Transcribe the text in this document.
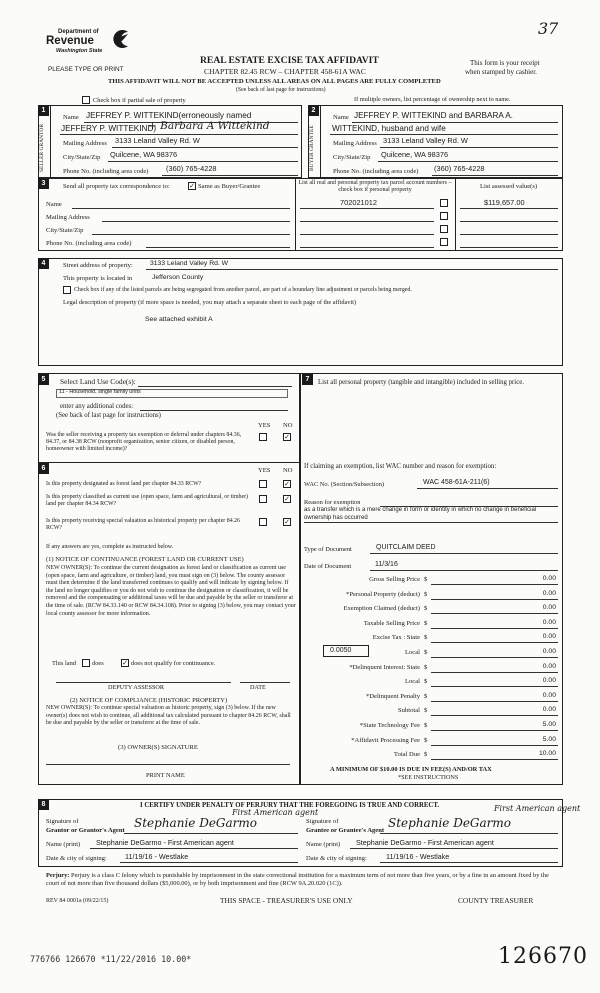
Department of
Revenue
Washington State
PLEASE TYPE OR PRINT
REAL ESTATE EXCISE TAX AFFIDAVIT
CHAPTER 82.45 RCW – CHAPTER 458-61A WAC
THIS AFFIDAVIT WILL NOT BE ACCEPTED UNLESS ALL AREAS ON ALL PAGES ARE FULLY COMPLETED
(See back of last page for instructions)
This form is your receipt
when stamped by cashier.
37
Check box if partial sale of property	If multiple owners, list percentage of ownership next to name.
1	2
SELLER GRANTOR	BUYER GRANTEE
Name JEFFREY P. WITTEKIND(erroneously named
JEFFERY P. WITTEKIND)
+ Barbara A Wittekind
Mailing Address 3133 Leland Valley Rd. W
City/State/Zip Quilcene, WA 98376
Phone No. (including area code) (360) 765-4228
Name JEFFREY P. WITTEKIND and BARBARA A.
WITTEKIND, husband and wife
Mailing Address 3133 Leland Valley Rd. W
City/State/Zip Quilcene, WA 98376
Phone No. (including area code) (360) 765-4228
3	Send all property tax correspondence to:	✓ Same as Buyer/Grantee	List all real and personal property tax parcel account numbers – check box if personal property	List assessed value(s)
Name
Mailing Address
City/State/Zip
Phone No. (including area code)
702021012	$119,657.00
4	Street address of property:	3133 Leland Valley Rd. W
This property is located in	Jefferson County
Check box if any of the listed parcels are being segregated from another parcel, are part of a boundary line adjustment or parcels being merged.
Legal description of property (if more space is needed, you may attach a separate sheet to each page of the affidavit)
See attached exhibit A
5	7
Select Land Use Code(s):
11 - Household, single family units
enter any additional codes:
(See back of last page for instructions)
YES NO
Was the seller receiving a property tax exemption or deferral under chapters 84.36, 84.37, or 84.38 RCW (nonprofit organization, senior citizen, or disabled person, homeowner with limited income)?
✓
List all personal property (tangible and intangible) included in selling price.
6	YES NO
Is this property designated as forest land per chapter 84.33 RCW?	✓
Is this property classified as current use (open space, farm and agricultural, or timber) land per chapter 84.34 RCW?
✓
Is this property receiving special valuation as historical property per chapter 84.26 RCW?
✓
If any answers are yes, complete as instructed below.
(1) NOTICE OF CONTINUANCE (FOREST LAND OR CURRENT USE)
NEW OWNER(S): To continue the current designation as forest land or classification as current use (open space, farm and agriculture, or timber) land, you must sign on (3) below. The county assessor must then determine if the land transferred continues to qualify and will indicate by signing below. If the land no longer qualifies or you do not wish to continue the designation or classification, it will be removed and the compensating or additional taxes will be due and payable by the seller or transferor at the time of sale. (RCW 84.33.140 or RCW 84.34.108). Prior to signing (3) below, you may contact your local county assessor for more information.
This land	does	✓ does not qualify for continuance.
DEPUTY ASSESSOR	DATE
(2) NOTICE OF COMPLIANCE (HISTORIC PROPERTY)
NEW OWNER(S): To continue special valuation as historic property, sign (3) below. If the new owner(s) does not wish to continue, all additional tax calculated pursuant to chapter 84.26 RCW, shall be due and payable by the seller or transferor at the time of sale.
(3) OWNER(S) SIGNATURE
PRINT NAME
If claiming an exemption, list WAC number and reason for exemption:
WAC No. (Section/Subsection)	WAC 458-61A-211(6)
Reason for exemption
as a transfer which is a mere change in form or identity in which no change in beneficial ownership has occurred
Type of Document	QUITCLAIM DEED
Date of Document	11/3/16
Gross Selling Price $	0.00
*Personal Property (deduct) $	0.00
Exemption Claimed (deduct) $	0.00
Taxable Selling Price $	0.00
Excise Tax : State $	0.00
Local $	0.00
*Delinquent Interest: State $	0.00
Local $	0.00
*Delinquent Penalty $	0.00
Subtotal $	0.00
*State Technology Fee $	5.00
*Affidavit Processing Fee $	5.00
Total Due $	10.00
0.0050
A MINIMUM OF $10.00 IS DUE IN FEE(S) AND/OR TAX
*SEE INSTRUCTIONS
8	I CERTIFY UNDER PENALTY OF PERJURY THAT THE FOREGOING IS TRUE AND CORRECT.
Signature of
Grantor or Grantor's Agent
Stephanie DeGarmo
First American agent
Signature of
Grantee or Grantee's Agent
Stephanie DeGarmo
First American agent
Name (print) Stephanie DeGarmo - First American agent	Name (print) Stephanie DeGarmo - First American agent
Date & city of signing:	11/19/16 - Westlake	Date & city of signing:	11/19/16 - Westlake
Perjury: Perjury is a class C felony which is punishable by imprisonment in the state correctional institution for a maximum term of not more than five years, or by a fine in an amount fixed by the court of not more than five thousand dollars ($5,000.00), or by both imprisonment and fine (RCW 9A.20.020 (1C)).
REV 84 0001a (09/22/15)	THIS SPACE - TREASURER'S USE ONLY	COUNTY TREASURER
776766 126670 *11/22/2016 10.00*	126670
